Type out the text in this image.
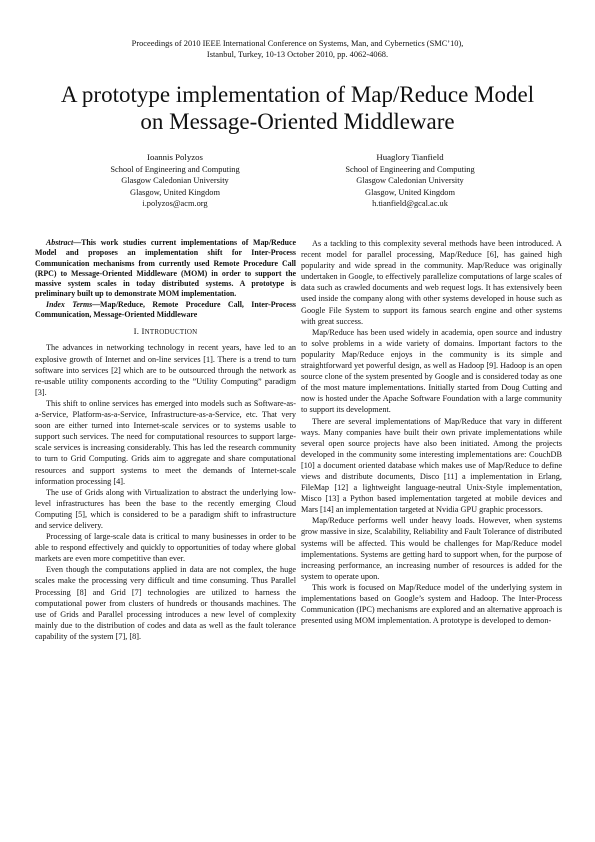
Proceedings of 2010 IEEE International Conference on Systems, Man, and Cybernetics (SMC’10),
Istanbul, Turkey, 10-13 October 2010, pp. 4062-4068.
A prototype implementation of Map/Reduce Model
on Message-Oriented Middleware
Ioannis Polyzos
School of Engineering and Computing
Glasgow Caledonian University
Glasgow, United Kingdom
i.polyzos@acm.org
Huaglory Tianfield
School of Engineering and Computing
Glasgow Caledonian University
Glasgow, United Kingdom
h.tianfield@gcal.ac.uk

Abstract—This work studies current implementations of Map/Reduce Model and proposes an implementation shift for Inter-Process Communication mechanisms from currently used Remote Procedure Call (RPC) to Message-Oriented Middleware (MOM) in order to support the massive system scales in today distributed systems. A prototype is preliminary built up to demonstrate MOM implementation.

Index Terms—Map/Reduce, Remote Procedure Call, Inter-Process Communication, Message-Oriented Middleware

I. INTRODUCTION

The advances in networking technology in recent years, have led to an explosive growth of Internet and on-line services [1]. There is a trend to turn software into services [2] which are to be outsourced through the network as re-usable utility components according to the ”Utility Computing” paradigm [3].

This shift to online services has emerged into models such as Software-as-a-Service, Platform-as-a-Service, Infrastructure-as-a-Service, etc. That very soon are either turned into Internet-scale services or to systems usable to support such services. The need for computational resources to support large-scale services is increasing considerably. This has led the research community to turn to Grid Computing. Grids aim to aggregate and share computational resources and support systems to meet the demands of Internet-scale information processing [4].

The use of Grids along with Virtualization to abstract the underlying low-level infrastructures has been the base to the recently emerging Cloud Computing [5], which is considered to be a paradigm shift to infrastructure and service delivery.

Processing of large-scale data is critical to many businesses in order to be able to respond effectively and quickly to opportunities of today where global markets are even more competitive than ever.

Even though the computations applied in data are not complex, the huge scales make the processing very difficult and time consuming. Thus Parallel Processing [8] and Grid [7] technologies are utilized to harness the computational power from clusters of hundreds or thousands machines. The use of Grids and Parallel processing introduces a new level of complexity mainly due to the distribution of codes and data as well as the fault tolerance capability of the system [7], [8].

As a tackling to this complexity several methods have been introduced. A recent model for parallel processing, Map/Reduce [6], has gained high popularity and wide spread in the community. Map/Reduce was originally undertaken in Google, to effectively parallelize computations of large scales of data such as crawled documents and web request logs. It has extensively been used inside the company along with other systems developed in house such as Google File System to support its famous search engine and other systems with great success.

Map/Reduce has been used widely in academia, open source and industry to solve problems in a wide variety of domains. Important factors to the popularity Map/Reduce enjoys in the community is its simple and straightforward yet powerful design, as well as Hadoop [9]. Hadoop is an open source clone of the system presented by Google and is considered today as one of the most mature implementations. Initially started from Doug Cutting and now is hosted under the Apache Software Foundation with a large community to support its development.

There are several implementations of Map/Reduce that vary in different ways. Many companies have built their own private implementations while several open source projects have also been initiated. Among the projects developed in the community some interesting implementations are: CouchDB [10] a document oriented database which makes use of Map/Reduce to define views and distribute documents, Disco [11] a implementation in Erlang, FileMap [12] a lightweight language-neutral Unix-Style implementation, Misco [13] a Python based implementation targeted at mobile devices and Mars [14] an implementation targeted at Nvidia GPU graphic processors.

Map/Reduce performs well under heavy loads. However, when systems grow massive in size, Scalability, Reliability and Fault Tolerance of distributed systems will be affected. This would be challenges for Map/Reduce model implementations. Systems are getting hard to support when, for the purpose of increasing performance, an increasing number of resources is added for the system to operate upon.

This work is focused on Map/Reduce model of the underlying system in implementations based on Google’s system and Hadoop. The Inter-Process Communication (IPC) mechanisms are explored and an alternative approach is presented using MOM implementation. A prototype is developed to demon-
